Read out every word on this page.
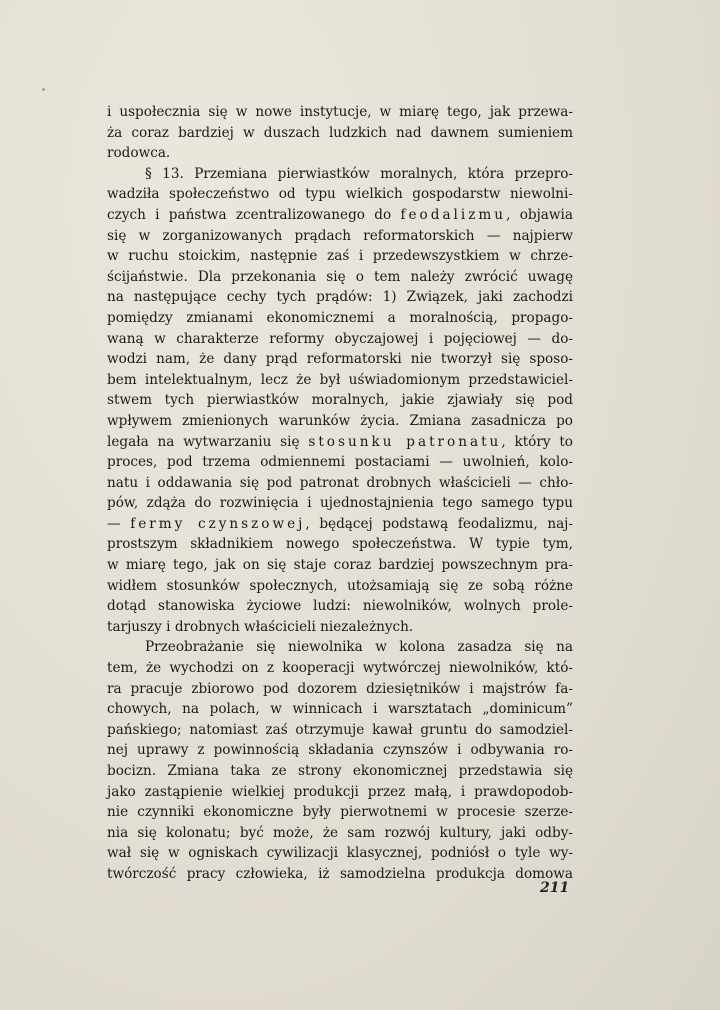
i uspołecznia się w nowe instytucje, w miarę tego, jak przewa-
ża coraz bardziej w duszach ludzkich nad dawnem sumieniem
rodowca.
§ 13. Przemiana pierwiastków moralnych, która przepro-
wadziła społeczeństwo od typu wielkich gospodarstw niewolni-
czych i państwa zcentralizowanego do feodalizmu, objawia
się w zorganizowanych prądach reformatorskich — najpierw
w ruchu stoickim, następnie zaś i przedewszystkiem w chrze-
ścijaństwie. Dla przekonania się o tem należy zwrócić uwagę
na następujące cechy tych prądów: 1) Związek, jaki zachodzi
pomiędzy zmianami ekonomicznemi a moralnością, propago-
waną w charakterze reformy obyczajowej i pojęciowej — do-
wodzi nam, że dany prąd reformatorski nie tworzył się sposo-
bem intelektualnym, lecz że był uświadomionym przedstawiciel-
stwem tych pierwiastków moralnych, jakie zjawiały się pod
wpływem zmienionych warunków życia. Zmiana zasadnicza po
legała na wytwarzaniu się stosunku patronatu, który to
proces, pod trzema odmiennemi postaciami — uwolnień, kolo-
natu i oddawania się pod patronat drobnych właścicieli — chło-
pów, zdąża do rozwinięcia i ujednostajnienia tego samego typu
— fermy czynszowej, będącej podstawą feodalizmu, naj-
prostszym składnikiem nowego społeczeństwa. W typie tym,
w miarę tego, jak on się staje coraz bardziej powszechnym pra-
widłem stosunków społecznych, utożsamiają się ze sobą różne
dotąd stanowiska życiowe ludzi: niewolników, wolnych prole-
tarjuszy i drobnych właścicieli niezależnych.
Przeobrażanie się niewolnika w kolona zasadza się na
tem, że wychodzi on z kooperacji wytwórczej niewolników, któ-
ra pracuje zbiorowo pod dozorem dziesiętników i majstrów fa-
chowych, na polach, w winnicach i warsztatach „dominicum”
pańskiego; natomiast zaś otrzymuje kawał gruntu do samodziel-
nej uprawy z powinnością składania czynszów i odbywania ro-
bocizn. Zmiana taka ze strony ekonomicznej przedstawia się
jako zastąpienie wielkiej produkcji przez małą, i prawdopodob-
nie czynniki ekonomiczne były pierwotnemi w procesie szerze-
nia się kolonatu; być może, że sam rozwój kultury, jaki odby-
wał się w ogniskach cywilizacji klasycznej, podniósł o tyle wy-
twórczość pracy człowieka, iż samodzielna produkcja domowa
211
